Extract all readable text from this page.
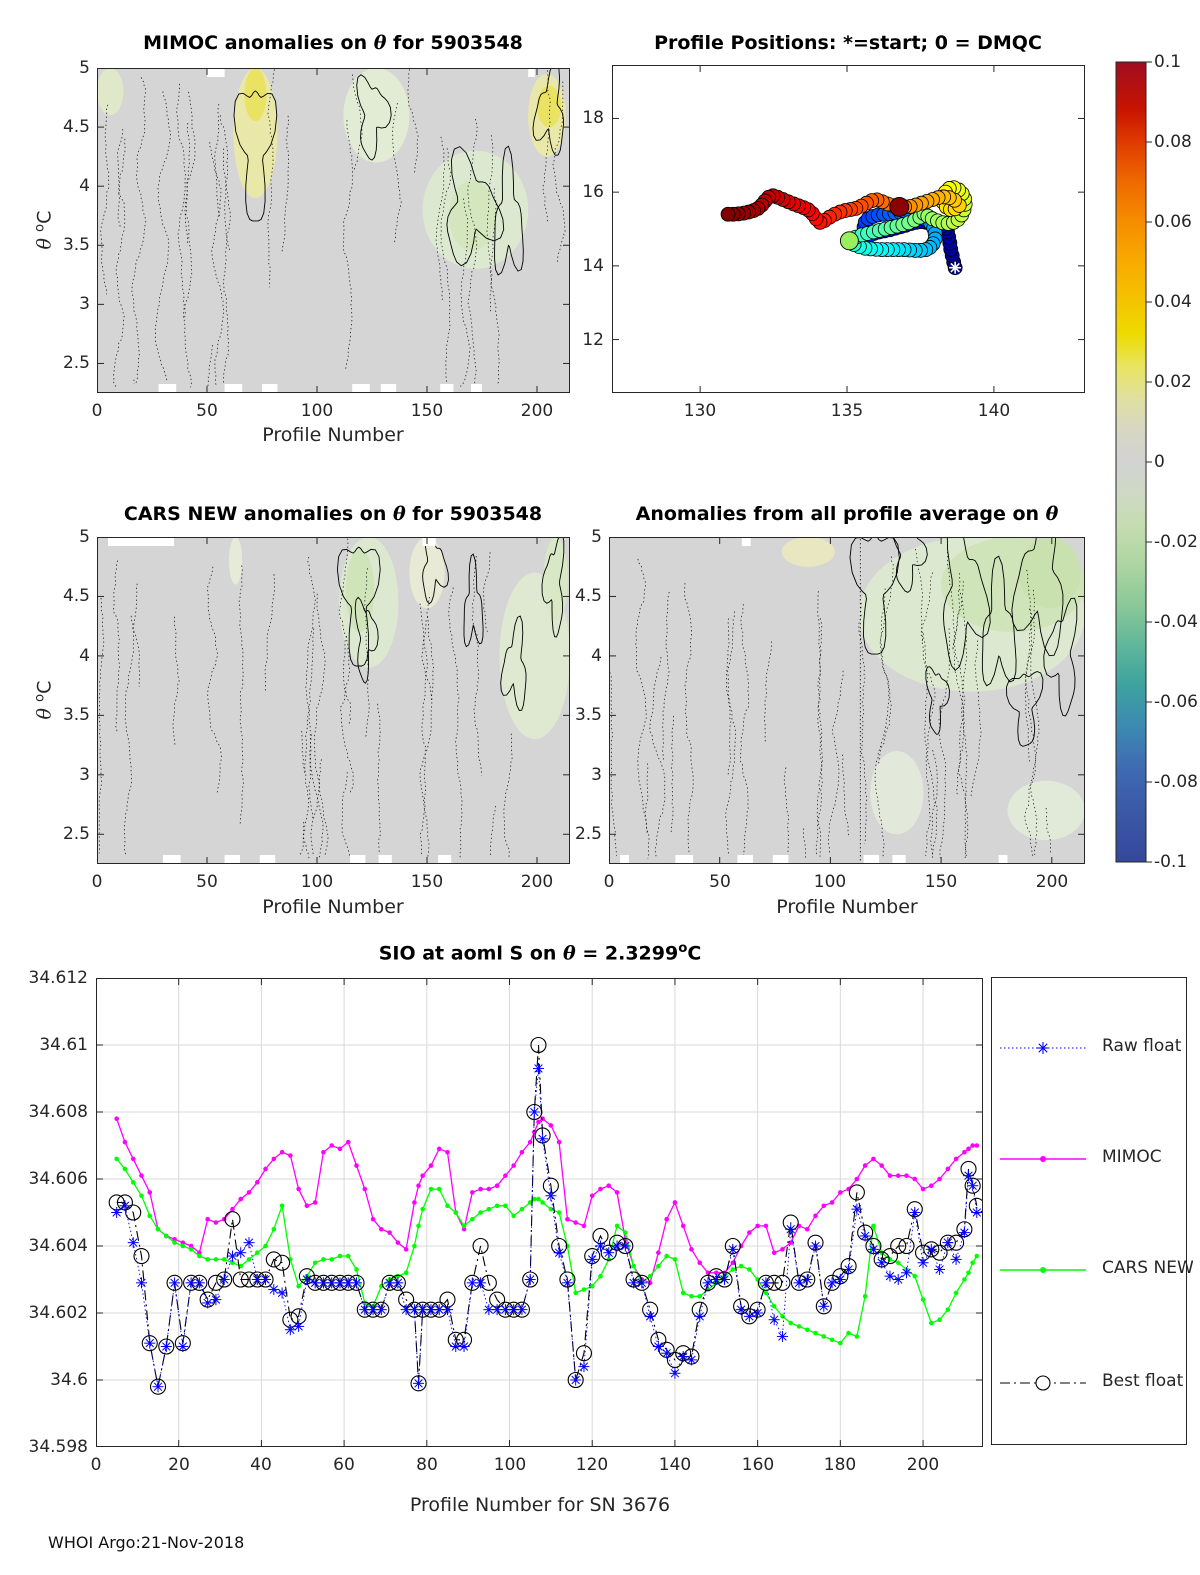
MIMOC anomalies on θ for 5903548	Profile Positions: *=start; 0 = DMQC
CARS NEW anomalies on θ for 5903548	Anomalies from all profile average on θ
SIO at aoml S on $\theta = 2.3299^oC$
θ $^o$C
θ $^o$C

Profile Number
Profile Number	Profile Number
Profile Number for SN 3676
Raw float
MIMOC
CARS NEW
Best float
WHOI Argo:21-Nov-2018
0	50	100	150	200
5
4.5
4
3.5
3
2.5
130	135	140
18
16
14
12
0	50	100	150	200
5
4.5
4
3.5
3
2.5
0	50	100	150	200
5
4.5
4
3.5
3
2.5
0	20	40	60	80	100	120	140	160	180	200
34.612
34.61
34.608
34.606
34.604
34.602
34.6
34.598
0.1
0.08
0.06
0.04
0.02
0
-0.02
-0.04
-0.06
-0.08
-0.1
